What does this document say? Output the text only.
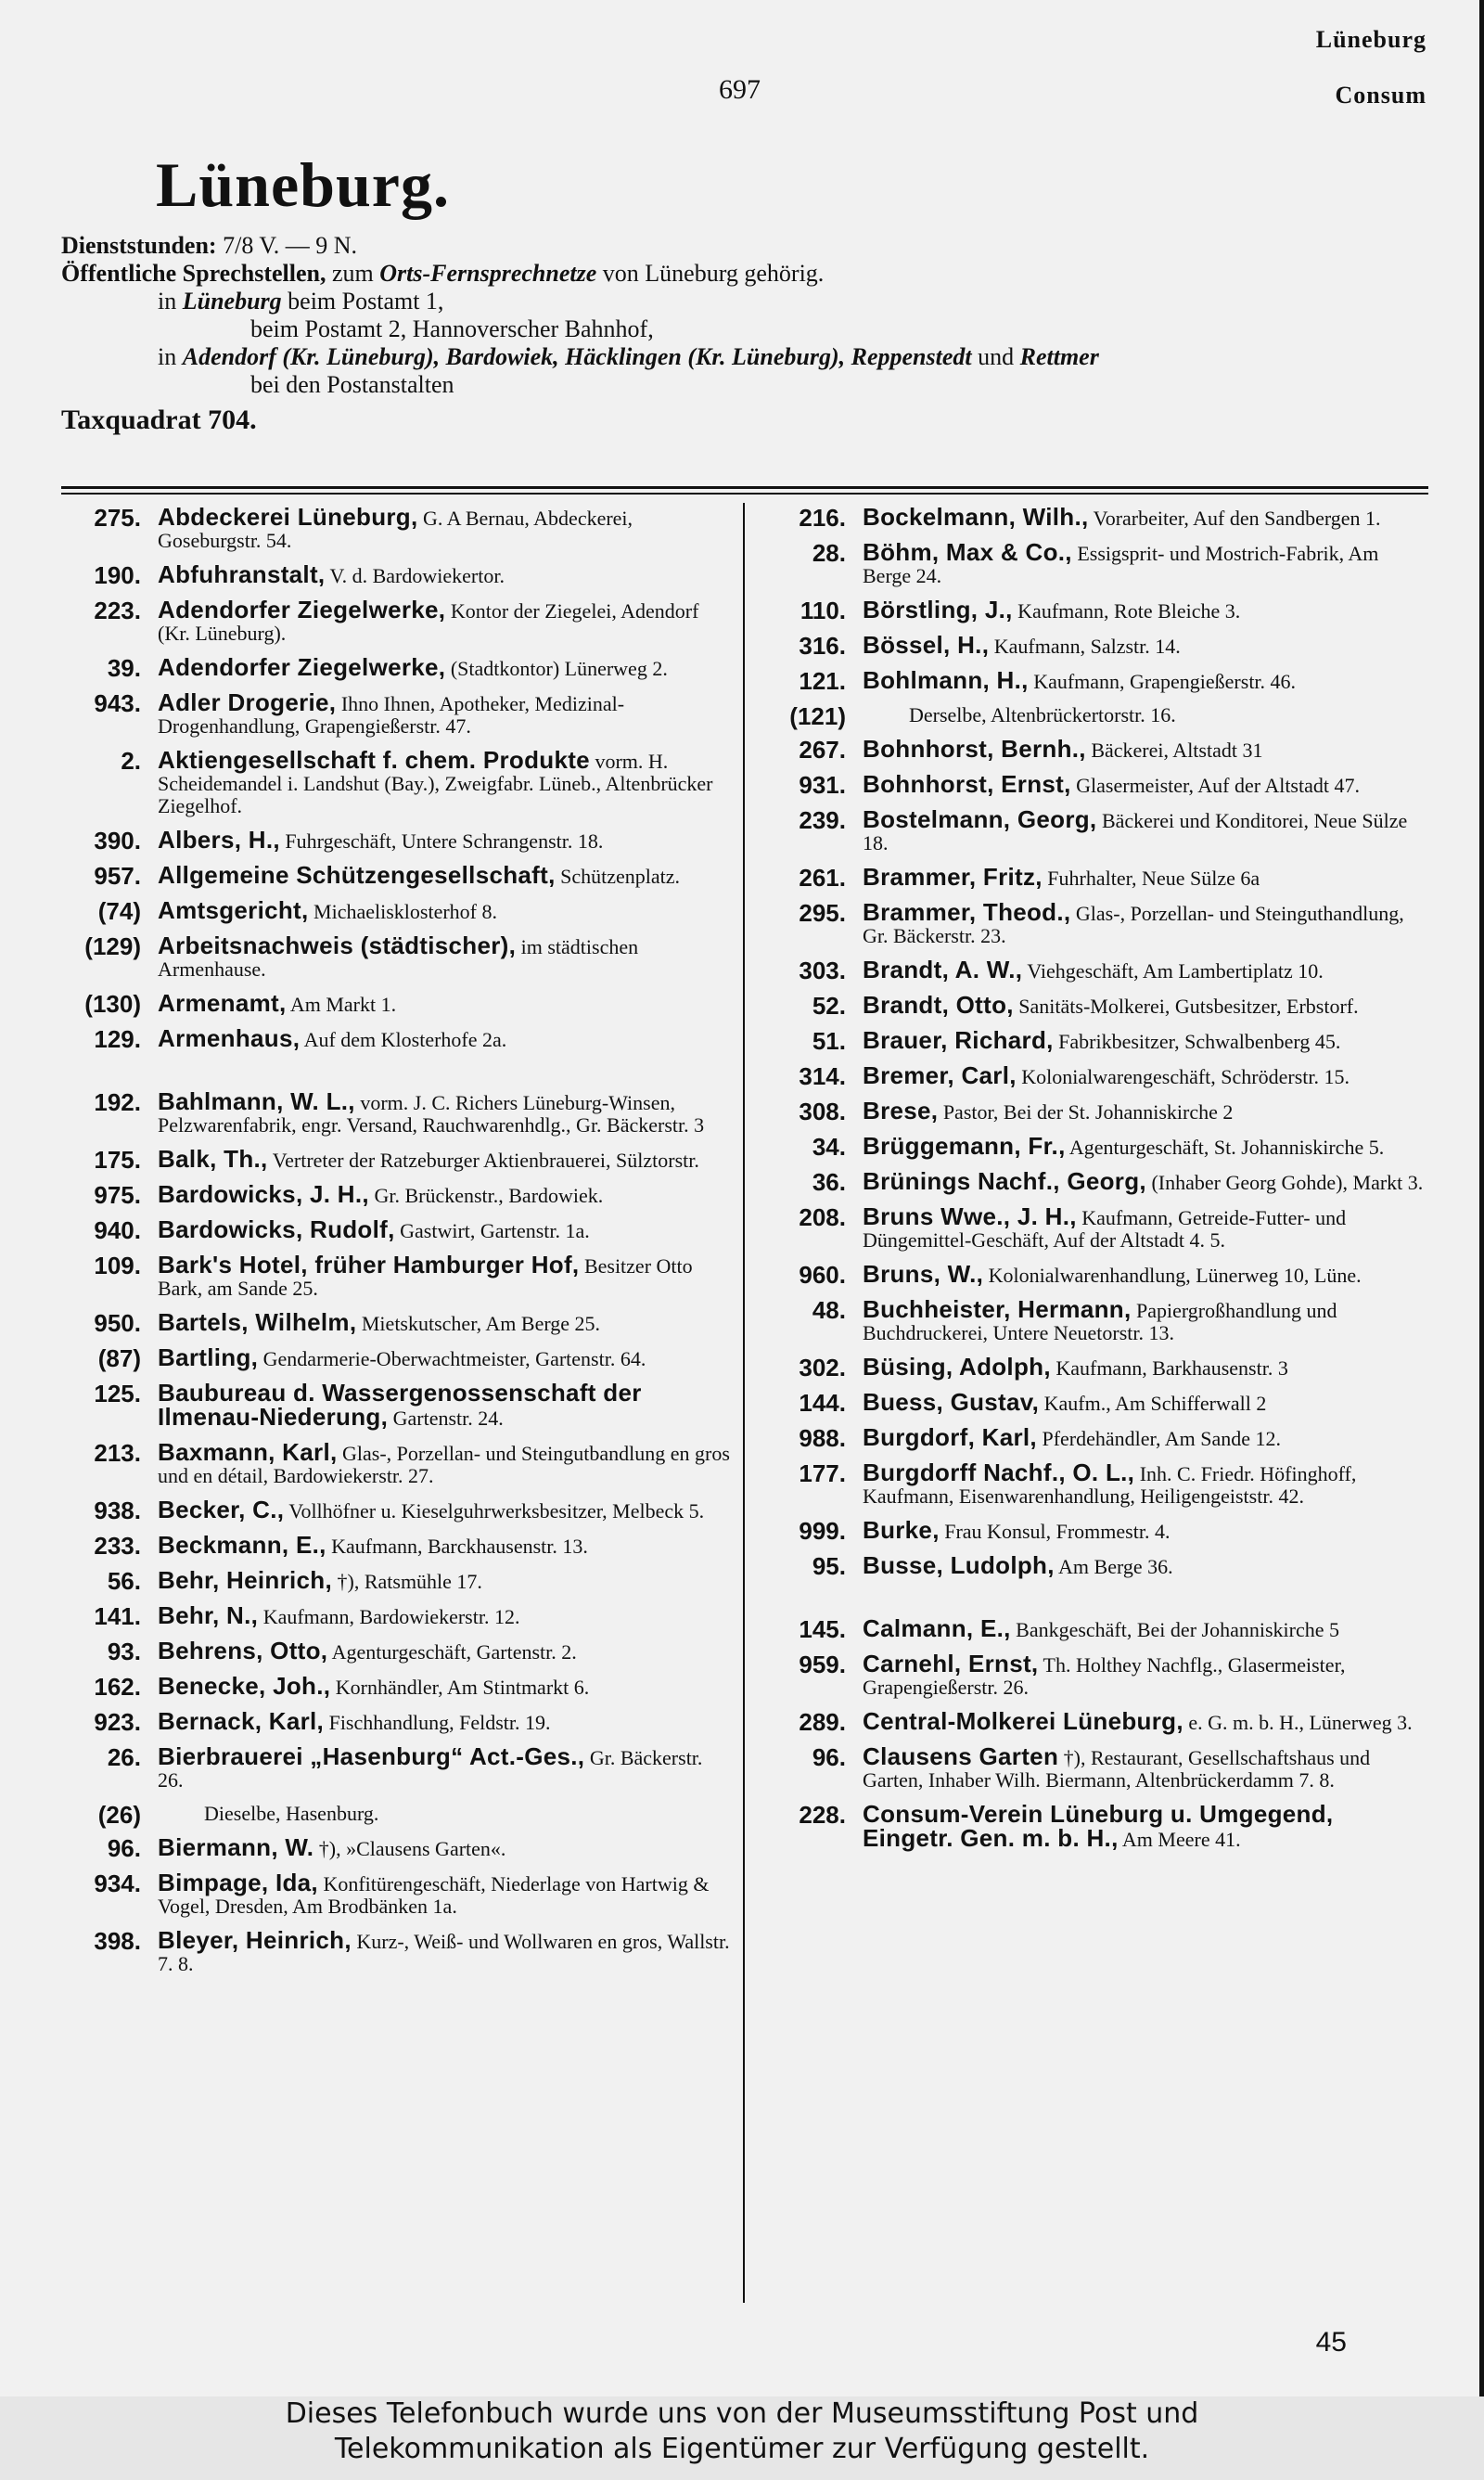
Lüneburg
697	Consum
Lüneburg.
Dienststunden: 7/8 V. — 9 N.
Öffentliche Sprechstellen, zum Orts-Fernsprechnetze von Lüneburg gehörig.
in Lüneburg beim Postamt 1,
beim Postamt 2, Hannoverscher Bahnhof,
in Adendorf (Kr. Lüneburg), Bardowiek, Häcklingen (Kr. Lüneburg), Reppenstedt und Rettmer
bei den Postanstalten
Taxquadrat 704.
275. Abdeckerei Lüneburg, G. A Bernau, Abdeckerei, Goseburgstr. 54.
190. Abfuhranstalt, V. d. Bardowiekertor.
223. Adendorfer Ziegelwerke, Kontor der Ziegelei, Adendorf (Kr. Lüneburg).
39. Adendorfer Ziegelwerke, (Stadtkontor) Lünerweg 2.
943. Adler Drogerie, Ihno Ihnen, Apotheker, Medizinal-Drogenhandlung, Grapengießerstr. 47.
2. Aktiengesellschaft f. chem. Produkte vorm. H. Scheidemandel i. Landshut (Bay.), Zweigfabr. Lüneb., Altenbrücker Ziegelhof.
390. Albers, H., Fuhrgeschäft, Untere Schrangenstr. 18.
957. Allgemeine Schützengesellschaft, Schützenplatz.
(74) Amtsgericht, Michaelisklosterhof 8.
(129) Arbeitsnachweis (städtischer), im städtischen Armenhause.
(130) Armenamt, Am Markt 1.
129. Armenhaus, Auf dem Klosterhofe 2a.
192. Bahlmann, W. L., vorm. J. C. Richers Lüneburg-Winsen, Pelzwarenfabrik, engr. Versand, Rauchwarenhdlg., Gr. Bäckerstr. 3
175. Balk, Th., Vertreter der Ratzeburger Aktienbrauerei, Sülztorstr.
975. Bardowicks, J. H., Gr. Brückenstr., Bardowiek.
940. Bardowicks, Rudolf, Gastwirt, Gartenstr. 1a.
109. Bark's Hotel, früher Hamburger Hof, Besitzer Otto Bark, am Sande 25.
950. Bartels, Wilhelm, Mietskutscher, Am Berge 25.
(87) Bartling, Gendarmerie-Oberwachtmeister, Gartenstr. 64.
125. Baubureau d. Wassergenossenschaft der Ilmenau-Niederung, Gartenstr. 24.
213. Baxmann, Karl, Glas-, Porzellan- und Steingutbandlung en gros und en détail, Bardowiekerstr. 27.
938. Becker, C., Vollhöfner u. Kieselguhrwerksbesitzer, Melbeck 5.
233. Beckmann, E., Kaufmann, Barckhausenstr. 13.
56. Behr, Heinrich, †), Ratsmühle 17.
141. Behr, N., Kaufmann, Bardowiekerstr. 12.
93. Behrens, Otto, Agenturgeschäft, Gartenstr. 2.
162. Benecke, Joh., Kornhändler, Am Stintmarkt 6.
923. Bernack, Karl, Fischhandlung, Feldstr. 19.
26. Bierbrauerei „Hasenburg“ Act.-Ges., Gr. Bäckerstr. 26.
(26)	Dieselbe, Hasenburg.
96. Biermann, W. †), »Clausens Garten«.
934. Bimpage, Ida, Konfitürengeschäft, Niederlage von Hartwig & Vogel, Dresden, Am Brodbänken 1a.
398. Bleyer, Heinrich, Kurz-, Weiß- und Wollwaren en gros, Wallstr. 7. 8.
216. Bockelmann, Wilh., Vorarbeiter, Auf den Sandbergen 1.
28. Böhm, Max & Co., Essigsprit- und Mostrich-Fabrik, Am Berge 24.
110. Börstling, J., Kaufmann, Rote Bleiche 3.
316. Bössel, H., Kaufmann, Salzstr. 14.
121. Bohlmann, H., Kaufmann, Grapengießerstr. 46.
(121)	Derselbe, Altenbrückertorstr. 16.
267. Bohnhorst, Bernh., Bäckerei, Altstadt 31
931. Bohnhorst, Ernst, Glasermeister, Auf der Altstadt 47.
239. Bostelmann, Georg, Bäckerei und Konditorei, Neue Sülze 18.
261. Brammer, Fritz, Fuhrhalter, Neue Sülze 6a
295. Brammer, Theod., Glas-, Porzellan- und Steinguthandlung, Gr. Bäckerstr. 23.
303. Brandt, A. W., Viehgeschäft, Am Lambertiplatz 10.
52. Brandt, Otto, Sanitäts-Molkerei, Gutsbesitzer, Erbstorf.
51. Brauer, Richard, Fabrikbesitzer, Schwalbenberg 45.
314. Bremer, Carl, Kolonialwarengeschäft, Schröderstr. 15.
308. Brese, Pastor, Bei der St. Johanniskirche 2
34. Brüggemann, Fr., Agenturgeschäft, St. Johanniskirche 5.
36. Brünings Nachf., Georg, (Inhaber Georg Gohde), Markt 3.
208. Bruns Wwe., J. H., Kaufmann, Getreide-Futter- und Düngemittel-Geschäft, Auf der Altstadt 4. 5.
960. Bruns, W., Kolonialwarenhandlung, Lünerweg 10, Lüne.
48. Buchheister, Hermann, Papiergroßhandlung und Buchdruckerei, Untere Neuetorstr. 13.
302. Büsing, Adolph, Kaufmann, Barkhausenstr. 3
144. Buess, Gustav, Kaufm., Am Schifferwall 2
988. Burgdorf, Karl, Pferdehändler, Am Sande 12.
177. Burgdorff Nachf., O. L., Inh. C. Friedr. Höfinghoff, Kaufmann, Eisenwarenhandlung, Heiligengeiststr. 42.
999. Burke, Frau Konsul, Frommestr. 4.
95. Busse, Ludolph, Am Berge 36.
145. Calmann, E., Bankgeschäft, Bei der Johanniskirche 5
959. Carnehl, Ernst, Th. Holthey Nachflg., Glasermeister, Grapengießerstr. 26.
289. Central-Molkerei Lüneburg, e. G. m. b. H., Lünerweg 3.
96. Clausens Garten †), Restaurant, Gesellschaftshaus und Garten, Inhaber Wilh. Biermann, Altenbrückerdamm 7. 8.
228. Consum-Verein Lüneburg u. Umgegend, Eingetr. Gen. m. b. H., Am Meere 41.
45
Dieses Telefonbuch wurde uns von der Museumsstiftung Post und
Telekommunikation als Eigentümer zur Verfügung gestellt.
